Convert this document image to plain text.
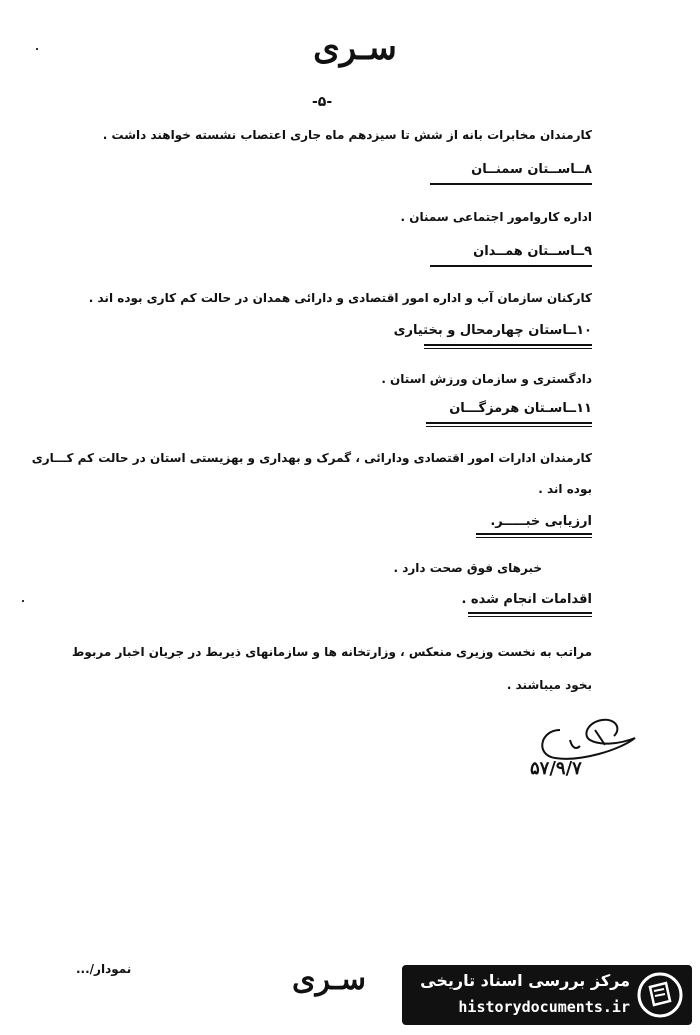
سـری
-۵-
کارمندان مخابرات بانه از شش تا سیزدهم ماه جاری اعتصاب نشسته خواهند داشت .
۸ــاســتان سمنــان
اداره کاروامور اجتماعی سمنان .
۹ــاســتان همــدان
کارکنان سازمان آب و اداره امور اقتصادی و دارائی همدان در حالت کم کاری بوده اند .
۱۰ــاستان چهارمحال و بختیاری
دادگستری و سازمان ورزش استان .
۱۱ــاسـتان هرمزگـــان
کارمندان ادارات امور اقتصادی ودارائی ، گمرک و بهداری و بهزیستی استان در حالت کم کـــاری
بوده اند .
ارزیابی خبـــــر.
خبرهای فوق صحت دارد .
اقدامات انجام شده .
مراتب به نخست وزیری منعکس ، وزارتخانه ها و سازمانهای ذیربط در جریان اخبار مربوط
بخود میباشند .
۵۷/۹/۷
نمودار/...	سـری	مرکز بررسی اسناد تاریخی
historydocuments.ir
